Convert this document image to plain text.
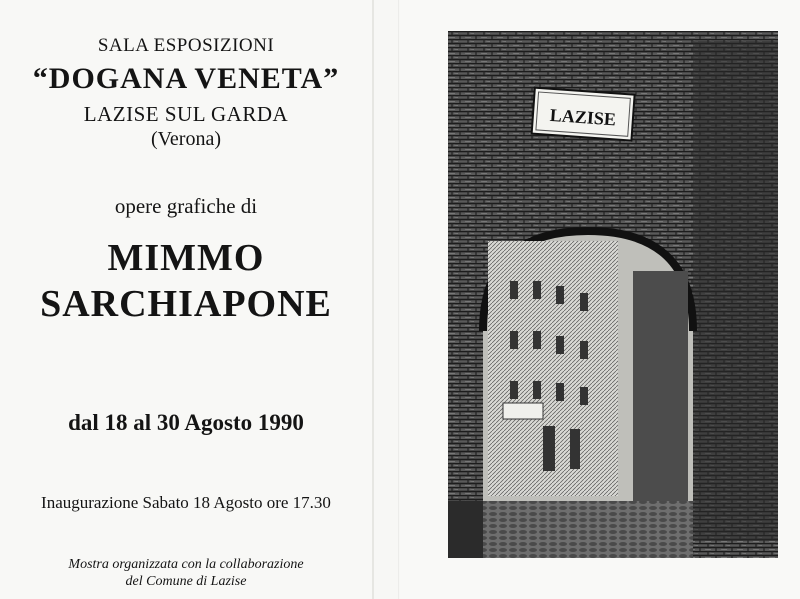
SALA ESPOSIZIONI
“DOGANA VENETA”
LAZISE SUL GARDA
(Verona)
opere grafiche di
MIMMO
SARCHIAPONE
dal 18 al 30 Agosto 1990
Inaugurazione Sabato 18 Agosto ore 17.30
Mostra organizzata con la collaborazione
del Comune di Lazise
LAZISE
